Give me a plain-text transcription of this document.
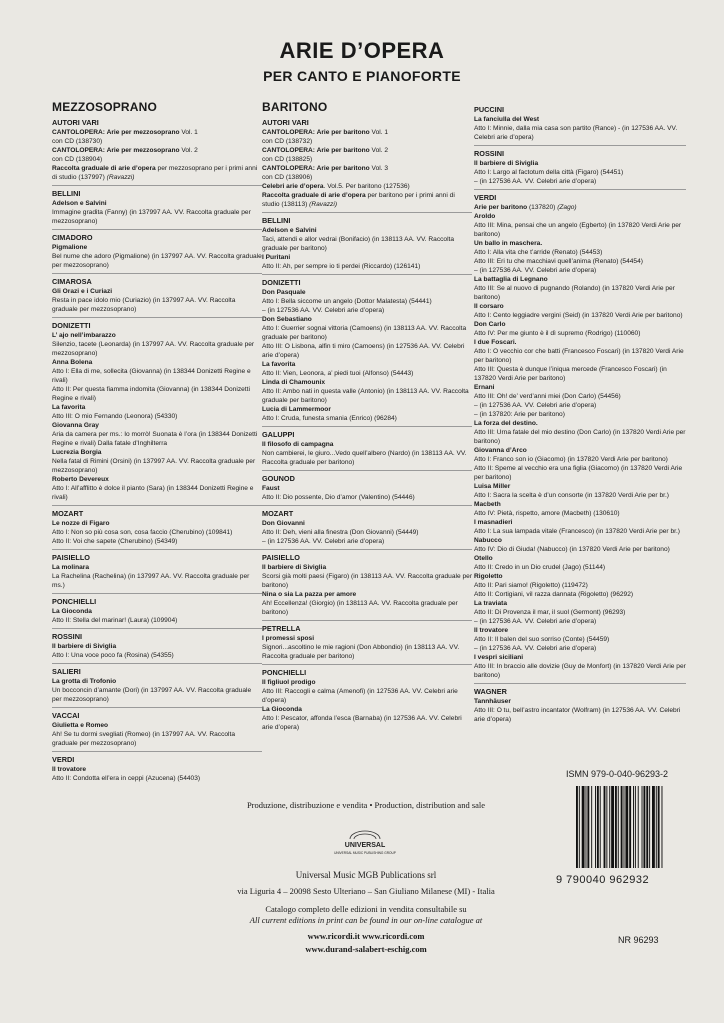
ARIE D’OPERA
PER CANTO E PIANOFORTE
MEZZOSOPRANO
AUTORI VARI
CANTOLOPERA: Arie per mezzosoprano Vol. 1
con CD (138730)
CANTOLOPERA: Arie per mezzosoprano Vol. 2
con CD (138904)
Raccolta graduale di arie d’opera per mezzosoprano per i primi anni di studio (137997) (Ravazzi)
BELLINI
Adelson e Salvini
Immagine gradita (Fanny) (in 137997 AA. VV. Raccolta graduale per mezzosoprano)
CIMADORO
Pigmalione
Bel nume che adoro (Pigmalione) (in 137997 AA. VV. Raccolta graduale per mezzosoprano)
CIMAROSA
Gli Orazi e i Curiazi
Resta in pace idolo mio (Curiazio) (in 137997 AA. VV. Raccolta graduale per mezzosoprano)
DONIZETTI
L’ ajo nell’imbarazzo
Silenzio, tacete (Leonarda) (in 137997 AA. VV. Raccolta graduale per mezzosoprano)
Anna Bolena
Atto I: Ella di me, sollecita (Giovanna) (in 138344 Donizetti Regine e rivali)
Atto II: Per questa fiamma indomita (Giovanna) (in 138344 Donizetti Regine e rivali)
La favorita
Atto III: O mio Fernando (Leonora) (54330)
Giovanna Gray
Aria da camera per ms.: Io morrò! Suonata è l’ora (in 138344 Donizetti Regine e rivali) Dalla fatale d’Inghilterra
Lucrezia Borgia
Nella fatal di Rimini (Orsini) (in 137997 AA. VV. Raccolta graduale per mezzosoprano)
Roberto Devereux
Atto I: All’afflitto è dolce il pianto (Sara) (in 138344 Donizetti Regine e rivali)
MOZART
Le nozze di Figaro
Atto I: Non so più cosa son, cosa faccio (Cherubino) (109841)
Atto II: Voi che sapete (Cherubino) (54349)
PAISIELLO
La molinara
La Rachelina (Rachelina) (in 137997 AA. VV. Raccolta graduale per ms.)
PONCHIELLI
La Gioconda
Atto II: Stella del marinar! (Laura) (109904)
ROSSINI
Il barbiere di Siviglia
Atto I: Una voce poco fa (Rosina) (54355)
SALIERI
La grotta di Trofonio
Un bocconcin d’amante (Dori) (in 137997 AA. VV. Raccolta graduale per mezzosoprano)
VACCAI
Giulietta e Romeo
Ah! Se tu dormi svegliati (Romeo) (in 137997 AA. VV. Raccolta graduale per mezzosoprano)
VERDI
Il trovatore
Atto II: Condotta ell’era in ceppi (Azucena) (54403)
BARITONO
AUTORI VARI
CANTOLOPERA: Arie per baritono Vol. 1
con CD (138732)
CANTOLOPERA: Arie per baritono Vol. 2
con CD (138825)
CANTOLOPERA: Arie per baritono Vol. 3
con CD (138906)
Celebri arie d’opera. Vol.5. Per baritono (127536)
Raccolta graduale di arie d’opera per baritono per i primi anni di studio (138113) (Ravazzi)
BELLINI
Adelson e Salvini
Taci, attendi e allor vedrai (Bonifacio) (in 138113 AA. VV. Raccolta graduale per baritono)
I Puritani
Atto II: Ah, per sempre io ti perdei (Riccardo) (126141)
DONIZETTI
Don Pasquale
Atto I: Bella siccome un angelo (Dottor Malatesta) (54441)
– (in 127536 AA. VV. Celebri arie d’opera)
Don Sebastiano
Atto I: Guerrier sognai vittoria (Camoens) (in 138113 AA. VV. Raccolta graduale per baritono)
Atto III: O Lisbona, alfin ti miro (Camoens) (in 127536 AA. VV. Celebri arie d’opera)
La favorita
Atto II: Vien, Leonora, a’ piedi tuoi (Alfonso) (54443)
Linda di Chamounix
Atto II: Ambo nati in questa valle (Antonio) (in 138113 AA. VV. Raccolta graduale per baritono)
Lucia di Lammermoor
Atto I: Cruda, funesta smania (Enrico) (96284)
GALUPPI
Il filosofo di campagna
Non cambierei, le giuro...Vedo quell’albero (Nardo) (in 138113 AA. VV. Raccolta graduale per baritono)
GOUNOD
Faust
Atto II: Dio possente, Dio d’amor (Valentino) (54446)
MOZART
Don Giovanni
Atto II: Deh, vieni alla finestra (Don Giovanni) (54449)
– (in 127536 AA. VV. Celebri arie d’opera)
PAISIELLO
Il barbiere di Siviglia
Scorsi già molti paesi (Figaro) (in 138113 AA. VV. Raccolta graduale per baritono)
Nina o sia La pazza per amore
Ah! Eccellenza! (Giorgio) (in 138113 AA. VV. Raccolta graduale per baritono)
PETRELLA
I promessi sposi
Signori...ascoltino le mie ragioni (Don Abbondio) (in 138113 AA. VV. Raccolta graduale per baritono)
PONCHIELLI
Il figliuol prodigo
Atto III: Raccogli e calma (Amenofi) (in 127536 AA. VV. Celebri arie d’opera)
La Gioconda
Atto I: Pescator, affonda l’esca (Barnaba) (in 127536 AA. VV. Celebri arie d’opera)
PUCCINI
La fanciulla del West
Atto I: Minnie, dalla mia casa son partito (Rance) - (in 127536 AA. VV. Celebri arie d’opera)
ROSSINI
Il barbiere di Siviglia
Atto I: Largo al factotum della città (Figaro) (54451)
– (in 127536 AA. VV. Celebri arie d’opera)
VERDI
Arie per baritono (137820) (Zago)
Aroldo
Atto III: Mina, pensai che un angelo (Egberto) (in 137820 Verdi Arie per baritono)
Un ballo in maschera.
Atto I: Alla vita che t’arride (Renato) (54453)
Atto III: Eri tu che macchiavi quell’anima (Renato) (54454)
– (in 127536 AA. VV. Celebri arie d’opera)
La battaglia di Legnano
Atto III: Se al nuovo di pugnando (Rolando) (in 137820 Verdi Arie per baritono)
Il corsaro
Atto I: Cento leggiadre vergini (Seid) (in 137820 Verdi Arie per baritono)
Don Carlo
Atto IV: Per me giunto è il dì supremo (Rodrigo) (110060)
I due Foscari.
Atto I: O vecchio cor che batti (Francesco Foscari) (in 137820 Verdi Arie per baritono)
Atto III: Questa è dunque l’iniqua mercede (Francesco Foscari) (in 137820 Verdi Arie per baritono)
Ernani
Atto III: Oh! de’ verd’anni miei (Don Carlo) (54456)
– (in 127536 AA. VV. Celebri arie d’opera)
– (in 137820: Arie per baritono)
La forza del destino.
Atto III: Urna fatale del mio destino (Don Carlo) (in 137820 Verdi Arie per baritono)
Giovanna d’Arco
Atto I: Franco son io (Giacomo) (in 137820 Verdi Arie per baritono)
Atto II: Speme al vecchio era una figlia (Giacomo) (in 137820 Verdi Arie per baritono)
Luisa Miller
Atto I: Sacra la scelta è d’un consorte (in 137820 Verdi Arie per br.)
Macbeth
Atto IV: Pietà, rispetto, amore (Macbeth) (130610)
I masnadieri
Atto I: La sua lampada vitale (Francesco) (in 137820 Verdi Arie per br.)
Nabucco
Atto IV: Dio di Giuda! (Nabucco) (in 137820 Verdi Arie per baritono)
Otello
Atto II: Credo in un Dio crudel (Jago) (51144)
Rigoletto
Atto II: Pari siamo! (Rigoletto) (119472)
Atto II: Cortigiani, vil razza dannata (Rigoletto) (96292)
La traviata
Atto II: Di Provenza il mar, il suol (Germont) (96293)
– (in 127536 AA. VV. Celebri arie d’opera)
Il trovatore
Atto II: Il balen del suo sorriso (Conte) (54459)
– (in 127536 AA. VV. Celebri arie d’opera)
I vespri siciliani
Atto III: In braccio alle dovizie (Guy de Monfort) (in 137820 Verdi Arie per baritono)
WAGNER
Tannhäuser
Atto III: O tu, bell’astro incantator (Wolfram) (in 127536 AA. VV. Celebri arie d’opera)
Produzione, distribuzione e vendita • Production, distribution and sale
UNIVERSAL
UNIVERSAL MUSIC PUBLISHING GROUP
Universal Music MGB Publications srl
via Liguria 4 – 20098 Sesto Ulteriano – San Giuliano Milanese (MI) - Italia
Catalogo completo delle edizioni in vendita consultabile su
All current editions in print can be found in our on-line catalogue at
www.ricordi.it www.ricordi.com
www.durand-salabert-eschig.com
ISMN 979-0-040-96293-2
9 790040 962932
NR 96293
